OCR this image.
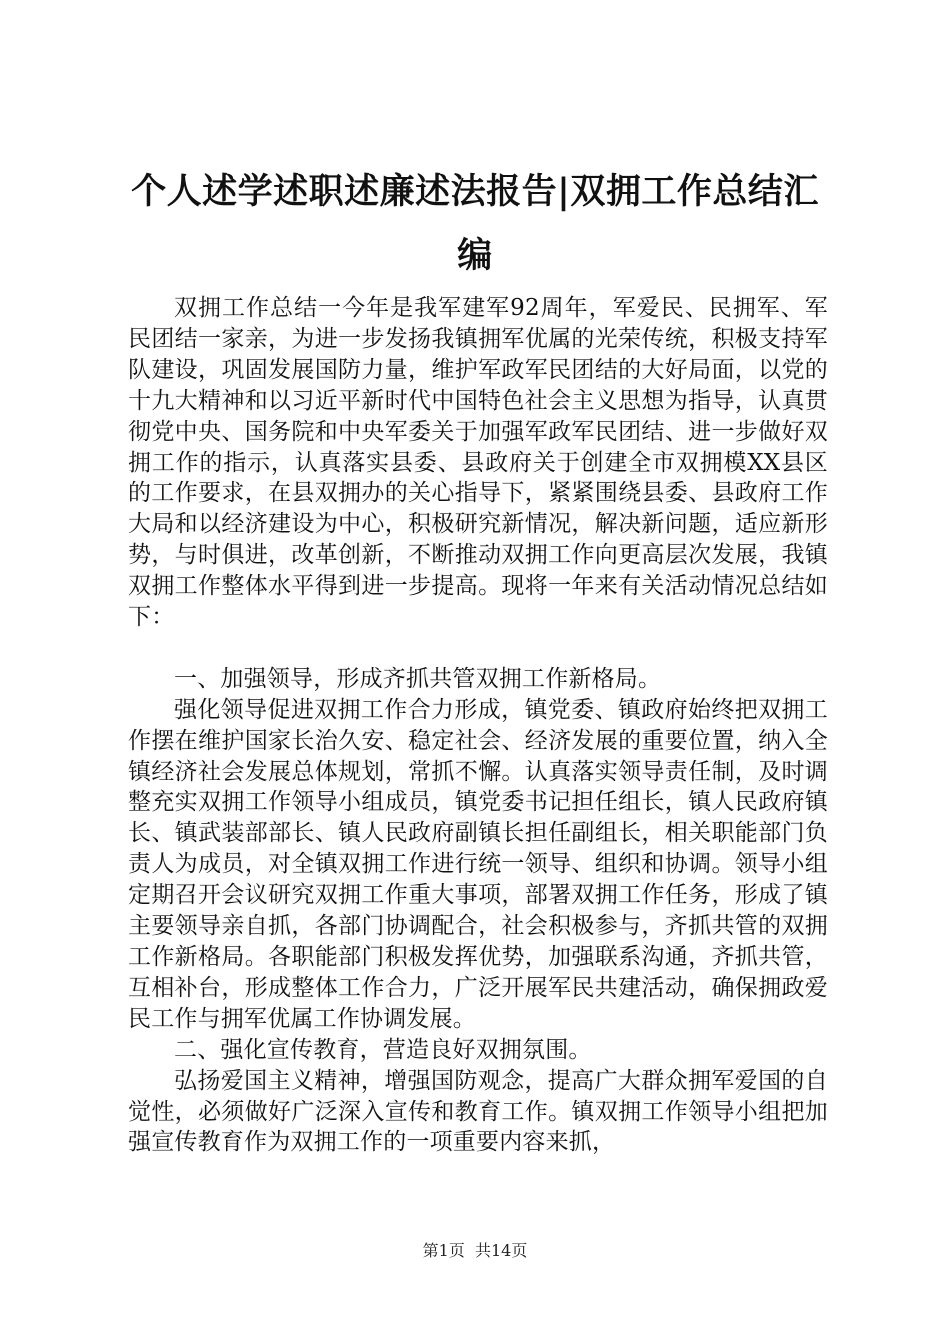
个人述学述职述廉述法报告|双拥工作总结汇编

双拥工作总结一今年是我军建军92周年，军爱民、民拥军、军民团结一家亲，为进一步发扬我镇拥军优属的光荣传统，积极支持军队建设，巩固发展国防力量，维护军政军民团结的大好局面，以党的十九大精神和以习近平新时代中国特色社会主义思想为指导，认真贯彻党中央、国务院和中央军委关于加强军政军民团结、进一步做好双拥工作的指示，认真落实县委、县政府关于创建全市双拥模XX县区的工作要求，在县双拥办的关心指导下，紧紧围绕县委、县政府工作大局和以经济建设为中心，积极研究新情况，解决新问题，适应新形势，与时俱进，改革创新，不断推动双拥工作向更高层次发展，我镇双拥工作整体水平得到进一步提高。现将一年来有关活动情况总结如下：

一、加强领导，形成齐抓共管双拥工作新格局。

强化领导促进双拥工作合力形成，镇党委、镇政府始终把双拥工作摆在维护国家长治久安、稳定社会、经济发展的重要位置，纳入全镇经济社会发展总体规划，常抓不懈。认真落实领导责任制，及时调整充实双拥工作领导小组成员，镇党委书记担任组长，镇人民政府镇长、镇武装部部长、镇人民政府副镇长担任副组长，相关职能部门负责人为成员，对全镇双拥工作进行统一领导、组织和协调。领导小组定期召开会议研究双拥工作重大事项，部署双拥工作任务，形成了镇主要领导亲自抓，各部门协调配合，社会积极参与，齐抓共管的双拥工作新格局。各职能部门积极发挥优势，加强联系沟通，齐抓共管，互相补台，形成整体工作合力，广泛开展军民共建活动，确保拥政爱民工作与拥军优属工作协调发展。

二、强化宣传教育，营造良好双拥氛围。

弘扬爱国主义精神，增强国防观念，提高广大群众拥军爱国的自觉性，必须做好广泛深入宣传和教育工作。镇双拥工作领导小组把加强宣传教育作为双拥工作的一项重要内容来抓，

第1页  共14页
